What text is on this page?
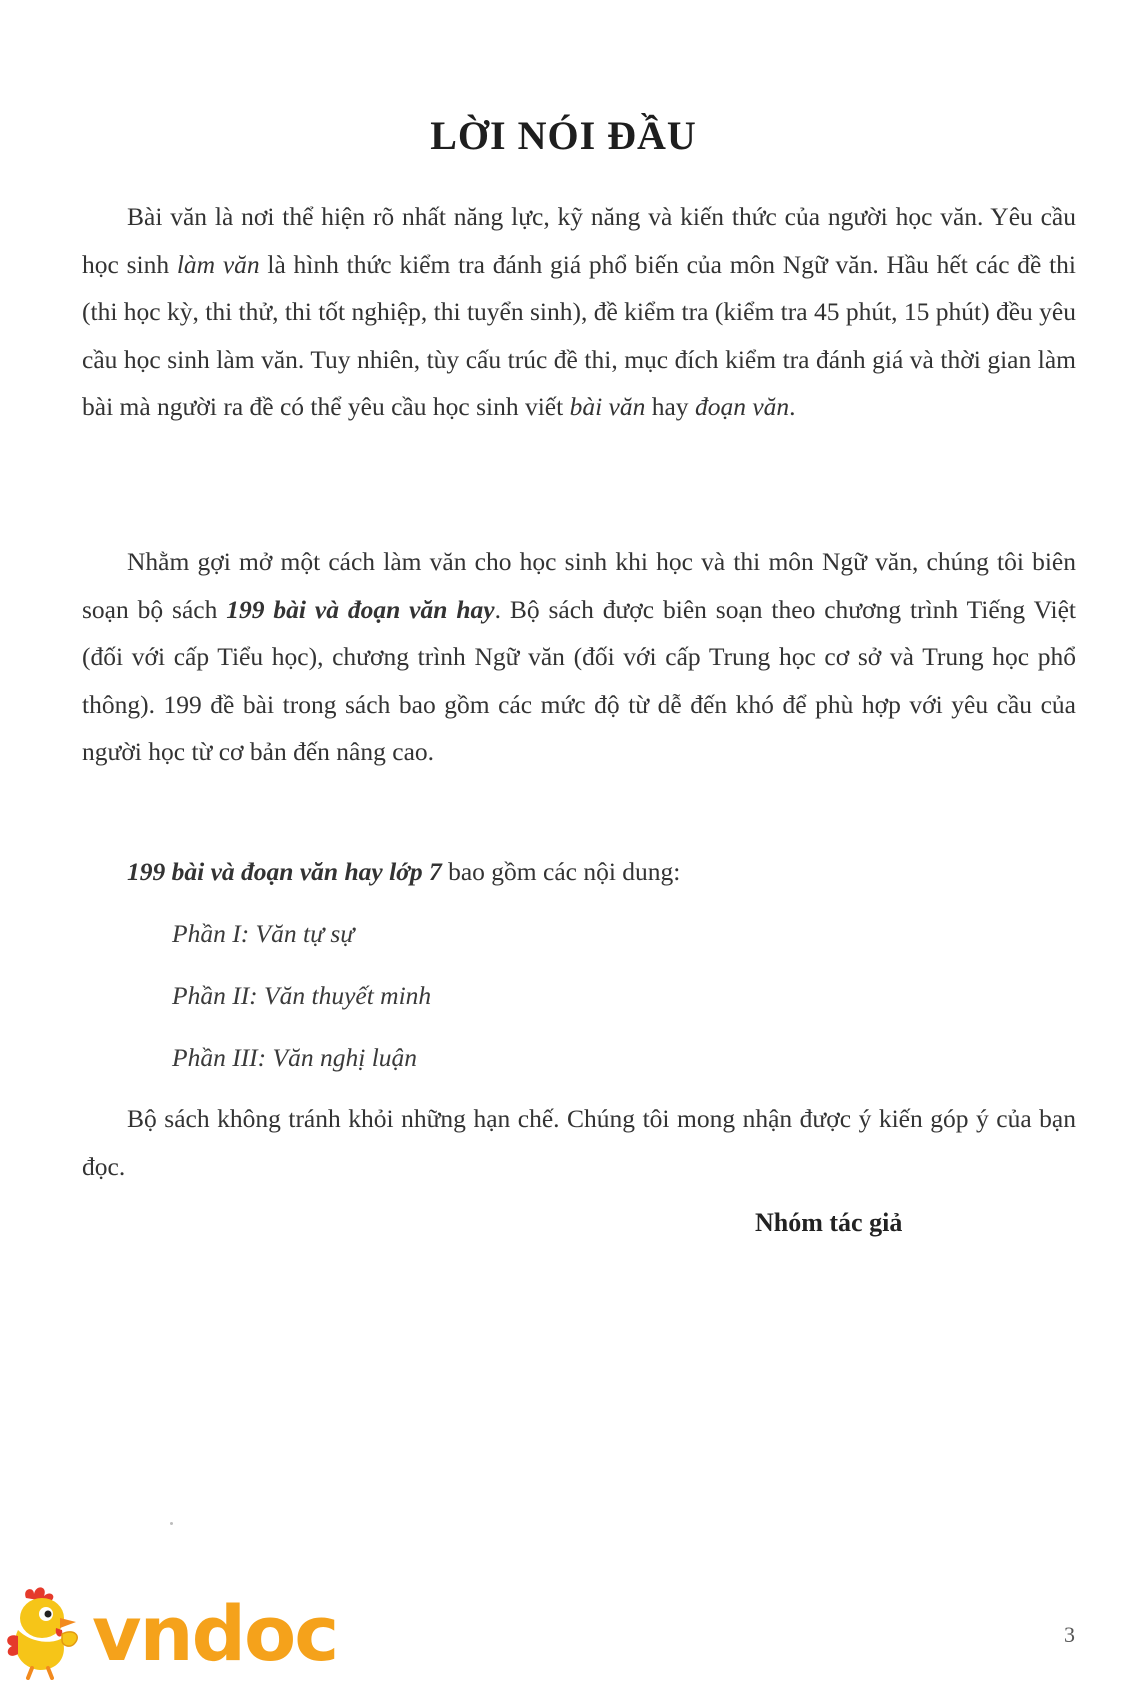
LỜI NÓI ĐẦU

Bài văn là nơi thể hiện rõ nhất năng lực, kỹ năng và kiến thức của người học văn. Yêu cầu học sinh làm văn là hình thức kiểm tra đánh giá phổ biến của môn Ngữ văn. Hầu hết các đề thi (thi học kỳ, thi thử, thi tốt nghiệp, thi tuyển sinh), đề kiểm tra (kiểm tra 45 phút, 15 phút) đều yêu cầu học sinh làm văn. Tuy nhiên, tùy cấu trúc đề thi, mục đích kiểm tra đánh giá và thời gian làm bài mà người ra đề có thể yêu cầu học sinh viết bài văn hay đoạn văn.

Nhằm gợi mở một cách làm văn cho học sinh khi học và thi môn Ngữ văn, chúng tôi biên soạn bộ sách 199 bài và đoạn văn hay. Bộ sách được biên soạn theo chương trình Tiếng Việt (đối với cấp Tiểu học), chương trình Ngữ văn (đối với cấp Trung học cơ sở và Trung học phổ thông). 199 đề bài trong sách bao gồm các mức độ từ dễ đến khó để phù hợp với yêu cầu của người học từ cơ bản đến nâng cao.

199 bài và đoạn văn hay lớp 7 bao gồm các nội dung:

Phần I: Văn tự sự

Phần II: Văn thuyết minh

Phần III: Văn nghị luận

Bộ sách không tránh khỏi những hạn chế. Chúng tôi mong nhận được ý kiến góp ý của bạn đọc.

Nhóm tác giả

vndoc	3
